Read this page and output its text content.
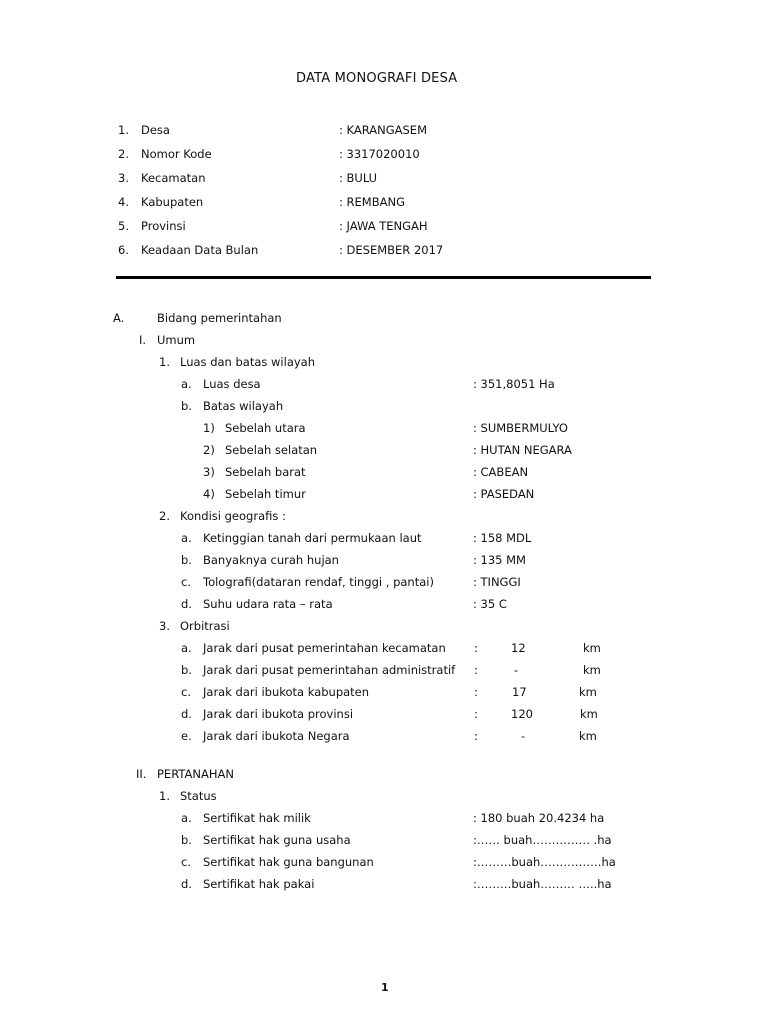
DATA MONOGRAFI DESA
1. Desa	: KARANGASEM
2. Nomor Kode	: 3317020010
3. Kecamatan	: BULU
4. Kabupaten	: REMBANG
5. Provinsi	: JAWA TENGAH
6. Keadaan Data Bulan	: DESEMBER 2017
A.	Bidang pemerintahan
I. Umum
1. Luas dan batas wilayah
a. Luas desa	: 351,8051 Ha
b. Batas wilayah
1) Sebelah utara	: SUMBERMULYO
2) Sebelah selatan	: HUTAN NEGARA
3) Sebelah barat	: CABEAN
4) Sebelah timur	: PASEDAN
2. Kondisi geografis :
a. Ketinggian tanah dari permukaan laut	: 158 MDL
b. Banyaknya curah hujan	: 135 MM
c. Tolografi(dataran rendaf, tinggi , pantai)	: TINGGI
d. Suhu udara rata – rata	: 35 C
3. Orbitrasi
a. Jarak dari pusat pemerintahan kecamatan :	12	km
b. Jarak dari pusat pemerintahan administratif :	-	km
c. Jarak dari ibukota kabupaten	:	17	km
d. Jarak dari ibukota provinsi	:	120	km
e. Jarak dari ibukota Negara	:	-	km
II. PERTANAHAN
1. Status
a. Sertifikat hak milik	: 180 buah 20.4234 ha
b. Sertifikat hak guna usaha	:…… buah…………… .ha
c. Sertifikat hak guna bangunan	:………buah…………….ha
d. Sertifikat hak pakai	:………buah……… …..ha
1
